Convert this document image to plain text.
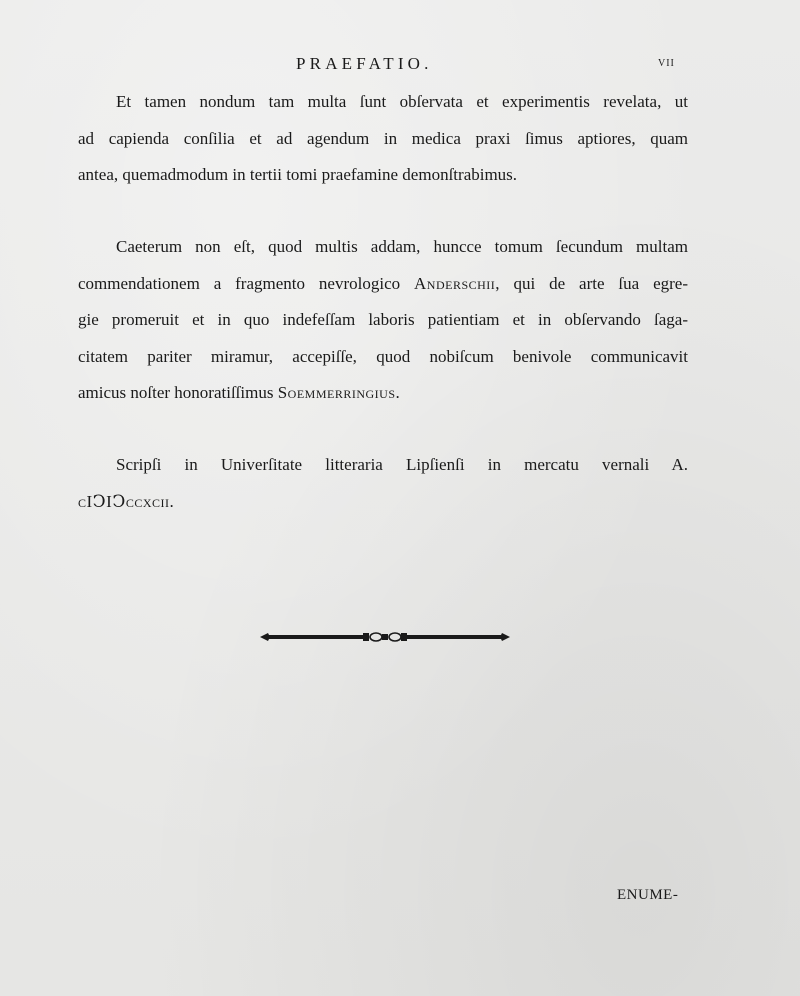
PRAEFATIO.	vii
Et tamen nondum tam multa ſunt obſervata et experimentis revelata, ut
ad capienda conſilia et ad agendum in medica praxi ſimus aptiores, quam
antea, quemadmodum in tertii tomi praefamine demonſtrabimus.
Caeterum non eſt, quod multis addam, huncce tomum ſecundum multam
commendationem a fragmento nevrologico Anderschii, qui de arte ſua egre-
gie promeruit et in quo indefeſſam laboris patientiam et in obſervando ſaga-
citatem pariter miramur, accepiſſe, quod nobiſcum benivole communicavit
amicus noſter honoratiſſimus Soemmerringius.
Scripſi in Univerſitate litteraria Lipſienſi in mercatu vernali A.
cIↃIↃccxcii.
ENUME-
